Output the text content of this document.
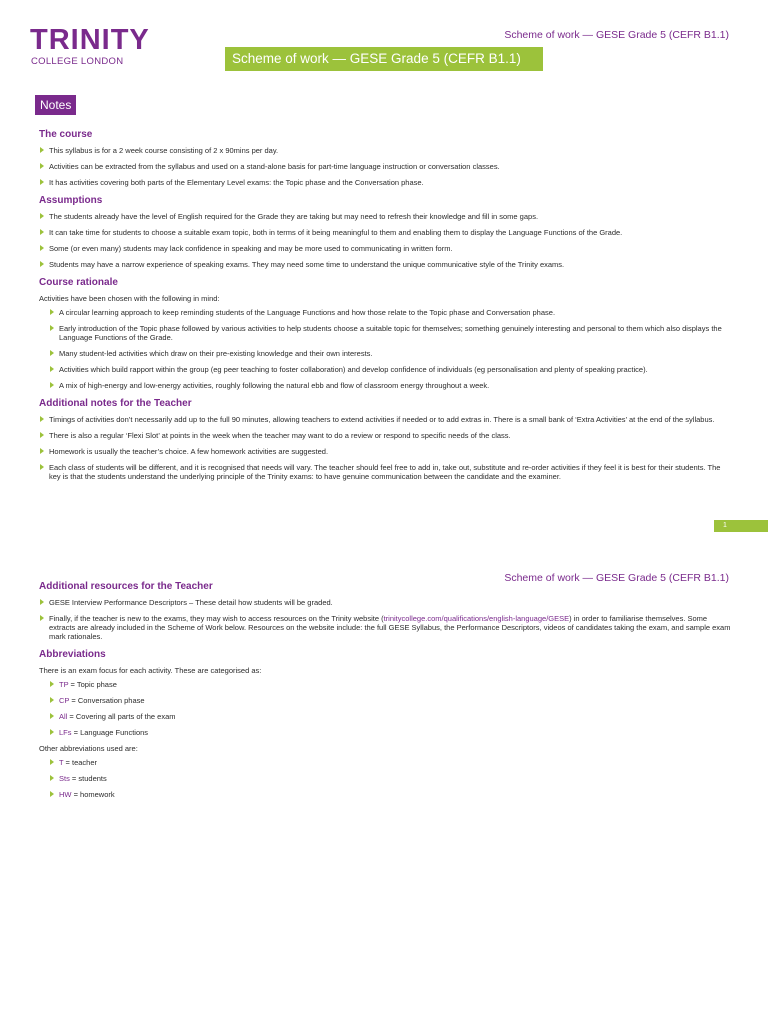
TRINITY
COLLEGE LONDON
Scheme of work — GESE Grade 5 (CEFR B1.1)
Scheme of work — GESE Grade 5 (CEFR B1.1)
Notes
The course
This syllabus is for a 2 week course consisting of 2 x 90mins per day.
Activities can be extracted from the syllabus and used on a stand-alone basis for part-time language instruction or conversation classes.
It has activities covering both parts of the Elementary Level exams: the Topic phase and the Conversation phase.
Assumptions
The students already have the level of English required for the Grade they are taking but may need to refresh their knowledge and fill in some gaps.
It can take time for students to choose a suitable exam topic, both in terms of it being meaningful to them and enabling them to display the Language Functions of the Grade.
Some (or even many) students may lack confidence in speaking and may be more used to communicating in written form.
Students may have a narrow experience of speaking exams. They may need some time to understand the unique communicative style of the Trinity exams.
Course rationale

Activities have been chosen with the following in mind:

A circular learning approach to keep reminding students of the Language Functions and how those relate to the Topic phase and Conversation phase.
Early introduction of the Topic phase followed by various activities to help students choose a suitable topic for themselves; something genuinely interesting and personal to them which also displays the Language Functions of the Grade.
Many student-led activities which draw on their pre-existing knowledge and their own interests.
Activities which build rapport within the group (eg peer teaching to foster collaboration) and develop confidence of individuals (eg personalisation and plenty of speaking practice).
A mix of high-energy and low-energy activities, roughly following the natural ebb and flow of classroom energy throughout a week.
Additional notes for the Teacher
Timings of activities don’t necessarily add up to the full 90 minutes, allowing teachers to extend activities if needed or to add extras in. There is a small bank of ‘Extra Activities’ at the end of the syllabus.
There is also a regular ‘Flexi Slot’ at points in the week when the teacher may want to do a review or respond to specific needs of the class.
Homework is usually the teacher’s choice. A few homework activities are suggested.
Each class of students will be different, and it is recognised that needs will vary. The teacher should feel free to add in, take out, substitute and re-order activities if they feel it is best for their students. The key is that the students understand the underlying principle of the Trinity exams: to have genuine communication between the candidate and the examiner.
1
Scheme of work — GESE Grade 5 (CEFR B1.1)
Additional resources for the Teacher
GESE Interview Performance Descriptors – These detail how students will be graded.
Finally, if the teacher is new to the exams, they may wish to access resources on the Trinity website (trinitycollege.com/qualifications/english-language/GESE) in order to familiarise themselves. Some extracts are already included in the Scheme of Work below. Resources on the website include: the full GESE Syllabus, the Performance Descriptors, videos of candidates taking the exam, and sample exam mark rationales.
Abbreviations

There is an exam focus for each activity. These are categorised as:

TP = Topic phase
CP = Conversation phase
All = Covering all parts of the exam
LFs = Language Functions

Other abbreviations used are:

T = teacher
Sts = students
HW = homework
